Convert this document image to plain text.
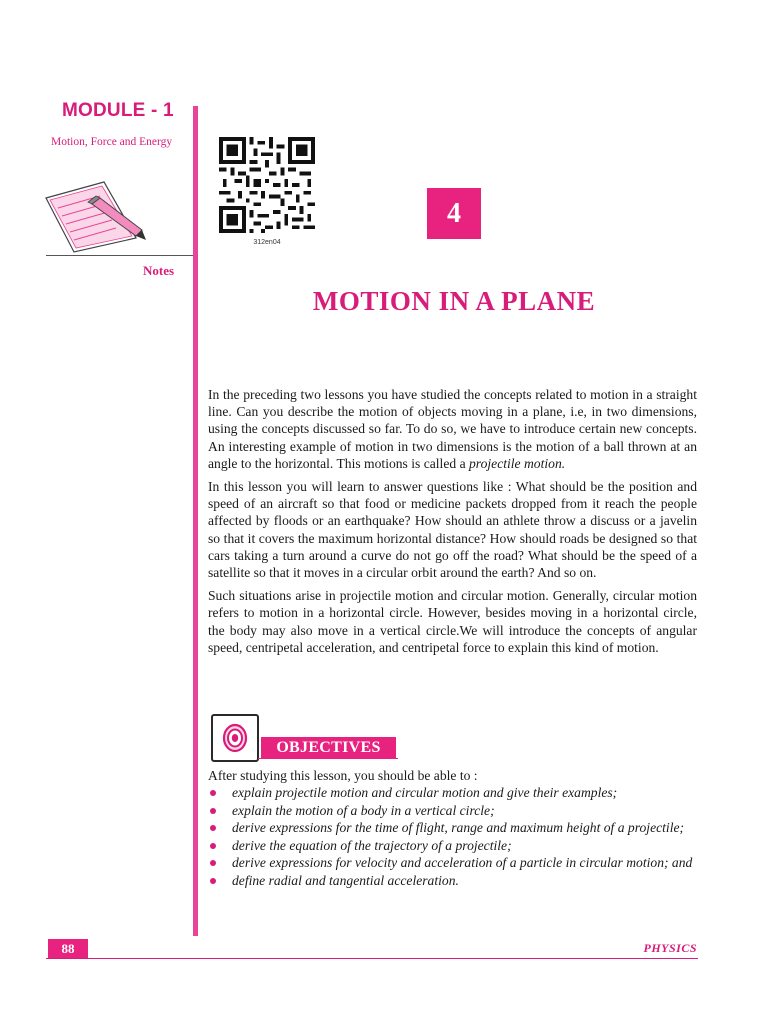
MODULE - 1
Motion, Force and Energy
Notes
312en04
4
MOTION IN A PLANE

In the preceding two lessons you have studied the concepts related to motion in a straight line. Can you describe the motion of objects moving in a plane, i.e, in two dimensions, using the concepts discussed so far. To do so, we have to introduce certain new concepts. An interesting example of motion in two dimensions is the motion of a ball thrown at an angle to the horizontal. This motions is called a projectile motion.

In this lesson you will learn to answer questions like : What should be the position and speed of an aircraft so that food or medicine packets dropped from it reach the people affected by floods or an earthquake? How should an athlete throw a discuss or a javelin so that it covers the maximum horizontal distance? How should roads be designed so that cars taking a turn around a curve do not go off the road? What should be the speed of a satellite so that it moves in a circular orbit around the earth? And so on.

Such situations arise in projectile motion and circular motion. Generally, circular motion refers to motion in a horizontal circle. However, besides moving in a horizontal circle, the body may also move in a vertical circle.We will introduce the concepts of angular speed, centripetal acceleration, and centripetal force to explain this kind of motion.

OBJECTIVES
After studying this lesson, you should be able to :
explain projectile motion and circular motion and give their examples;
explain the motion of a body in a vertical circle;
derive expressions for the time of flight, range and maximum height of a projectile;
derive the equation of the trajectory of a projectile;
derive expressions for velocity and acceleration of a particle in circular motion; and
define radial and tangential acceleration.
88	PHYSICS
